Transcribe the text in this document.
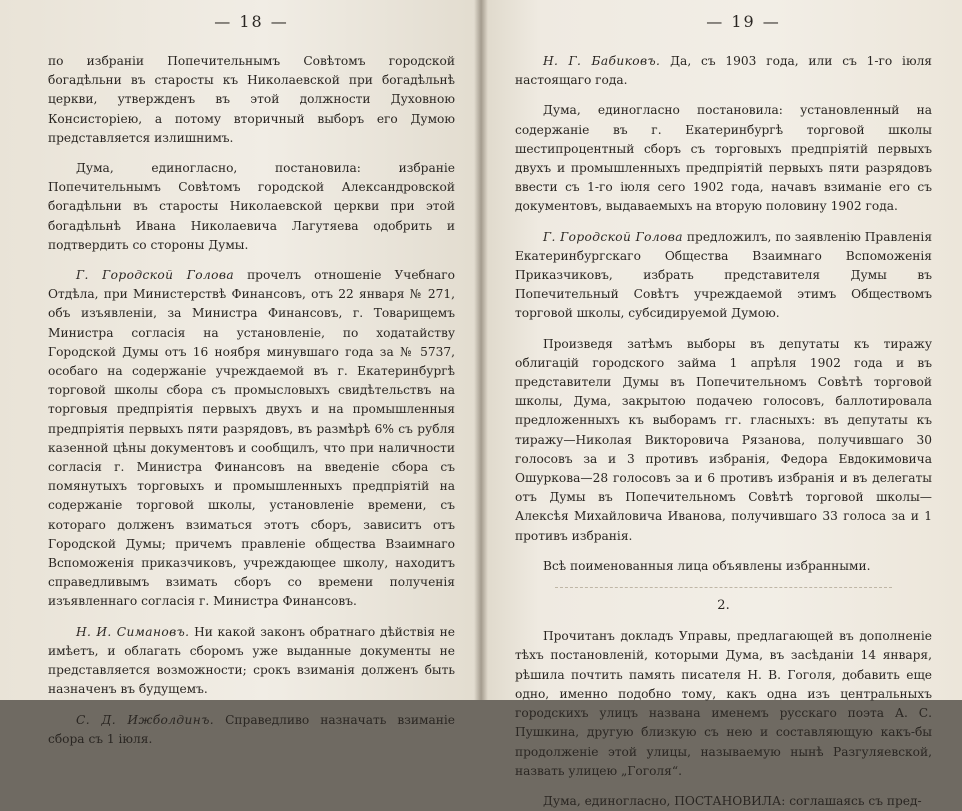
— 18 —

по избранiи Попечительнымъ Совѣтомъ городской богадѣльни въ старосты къ Николаевской при богадѣльнѣ церкви, утвержденъ въ этой должности Духовною Консисторiею, а потому вторичный выборъ его Думою представляется излишнимъ.

Дума, единогласно, постановила: избранiе Попечительнымъ Совѣтомъ городской Александровской богадѣльни въ старосты Николаевской церкви при этой богадѣльнѣ Ивана Николаевича Лагутяева одобрить и подтвердить со стороны Думы.

Г. Городской Голова прочелъ отношенiе Учебнаго Отдѣла, при Министерствѣ Финансовъ, отъ 22 января № 271, объ изъявленiи, за Министра Финансовъ, г. Товарищемъ Министра согласiя на установленiе, по ходатайству Городской Думы отъ 16 ноября минувшаго года за № 5737, особаго на содержанiе учреждаемой въ г. Екатеринбургѣ торговой школы сбора съ промысловыхъ свидѣтельствъ на торговыя предпрiятiя первыхъ двухъ и на промышленныя предпрiятiя первыхъ пяти разрядовъ, въ размѣрѣ 6% съ рубля казенной цѣны документовъ и сообщилъ, что при наличности согласiя г. Министра Финансовъ на введенiе сбора съ помянутыхъ торговыхъ и промышленныхъ предпрiятiй на содержанiе торговой школы, установленiе времени, съ котораго долженъ взиматься этотъ сборъ, зависитъ отъ Городской Думы; причемъ правленiе общества Взаимнаго Вспоможенiя приказчиковъ, учреждающее школу, находитъ справедливымъ взимать сборъ со времени полученiя изъявленнаго согласiя г. Министра Финансовъ.

Н. И. Симановъ. Ни какой законъ обратнаго дѣйствiя не имѣетъ, и облагать сборомъ уже выданные документы не представляется возможности; срокъ взиманiя долженъ быть назначенъ въ будущемъ.

С. Д. Ижболдинъ. Справедливо назначать взиманiе сбора съ 1 iюля.

— 19 —

Н. Г. Бабиковъ. Да, съ 1903 года, или съ 1-го iюля настоящаго года.

Дума, единогласно постановила: установленный на содержанiе въ г. Екатеринбургѣ торговой школы шестипроцентный сборъ съ торговыхъ предпрiятiй первыхъ двухъ и промышленныхъ предпрiятiй первыхъ пяти разрядовъ ввести съ 1-го iюля сего 1902 года, начавъ взиманiе его съ документовъ, выдаваемыхъ на вторую половину 1902 года.

Г. Городской Голова предложилъ, по заявленiю Правленiя Екатеринбургскаго Общества Взаимнаго Вспоможенiя Приказчиковъ, избрать представителя Думы въ Попечительный Совѣтъ учреждаемой этимъ Обществомъ торговой школы, субсидируемой Думою.

Произведя затѣмъ выборы въ депутаты къ тиражу облигацiй городского займа 1 апрѣля 1902 года и въ представители Думы въ Попечительномъ Совѣтѣ торговой школы, Дума, закрытою подачею голосовъ, баллотировала предложенныхъ къ выборамъ гг. гласныхъ: въ депутаты къ тиражу—Николая Викторовича Рязанова, получившаго 30 голосовъ за и 3 противъ избранiя, Федора Евдокимовича Ошуркова—28 голосовъ за и 6 противъ избранiя и въ делегаты отъ Думы въ Попечительномъ Совѣтѣ торговой школы—Алексѣя Михайловича Иванова, получившаго 33 голоса за и 1 противъ избранiя.

Всѣ поименованныя лица объявлены избранными.

2.

Прочитанъ докладъ Управы, предлагающей въ дополненiе тѣхъ постановленiй, которыми Дума, въ засѣданiи 14 января, рѣшила почтить память писателя Н. В. Гоголя, добавить еще одно, именно подобно тому, какъ одна изъ центральныхъ городскихъ улицъ названа именемъ русскаго поэта А. С. Пушкина, другую близкую съ нею и составляющую какъ-бы продолженiе этой улицы, называемую нынѣ Разгуляевской, назвать улицею „Гоголя“.

Дума, единогласно, ПОСТАНОВИЛА: соглашаясь съ пред-
